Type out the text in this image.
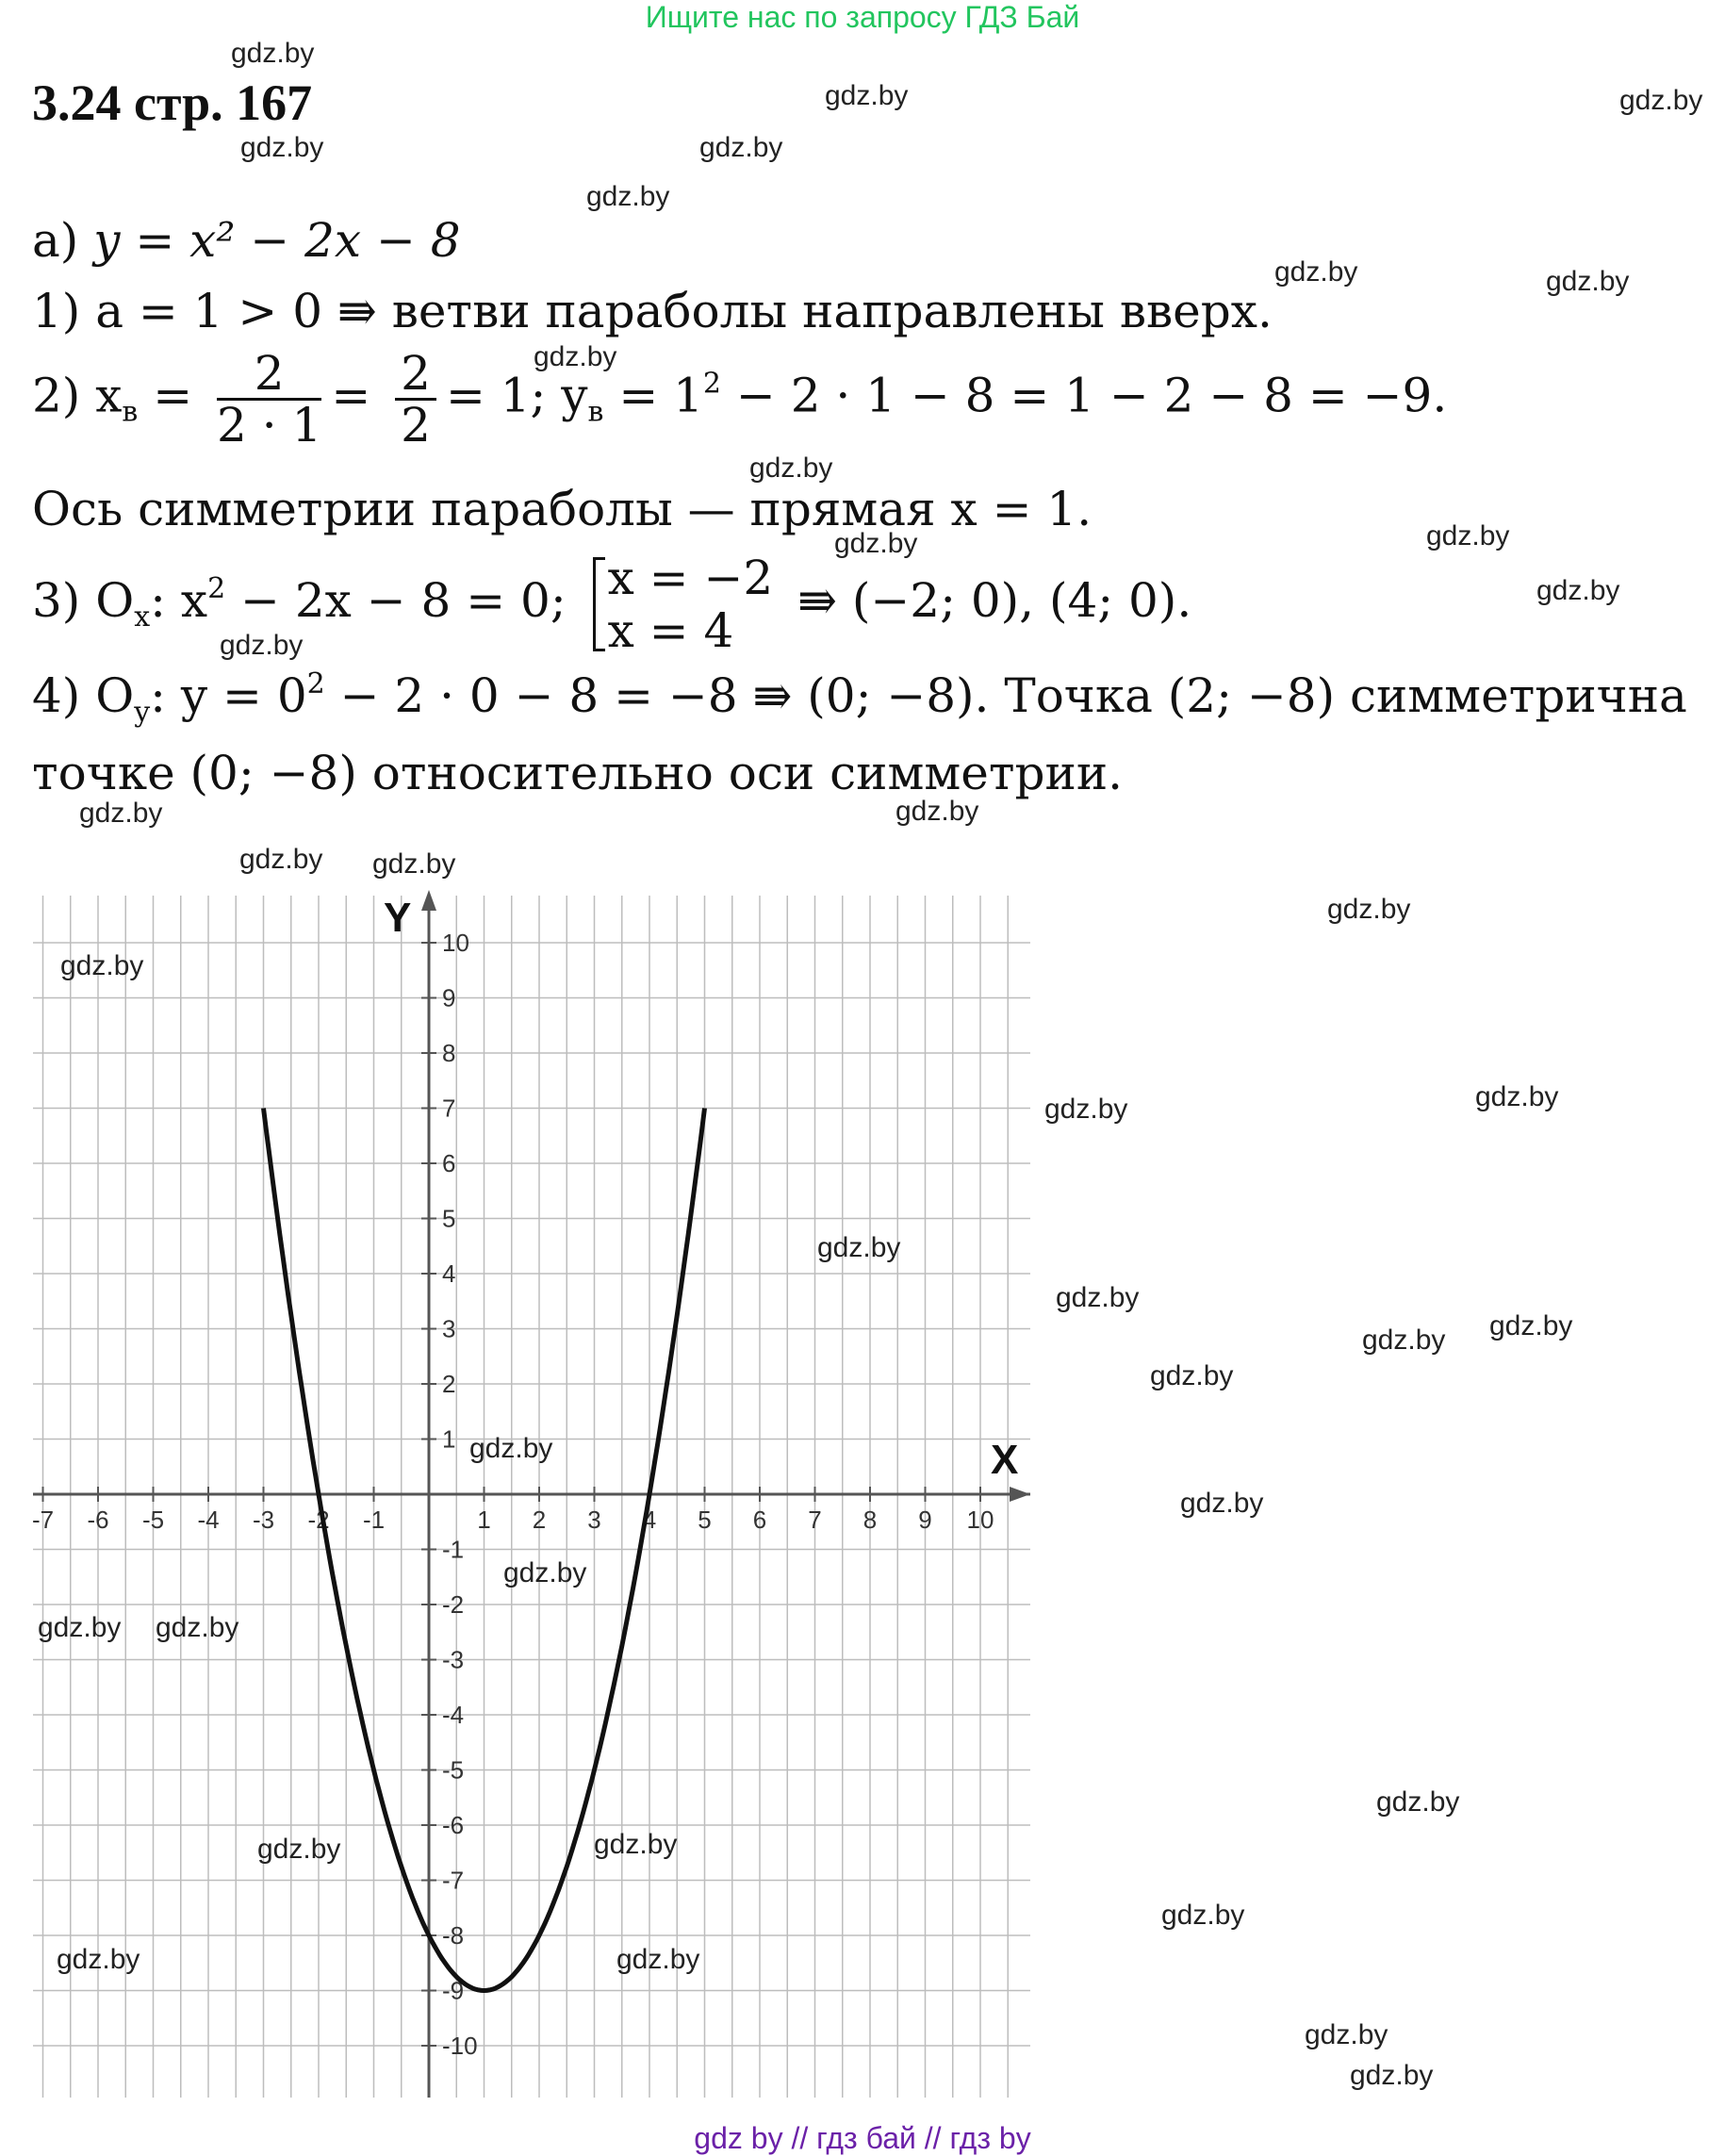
Ищите нас по запросу ГДЗ Бай
3.24 стр. 167
а) y = x² − 2x − 8
1) a = 1 > 0 ⇛ ветви параболы направлены вверх.
2) $x_в = \frac{2}{2 \cdot 1} = \frac{2}{2} = 1$; $y_в = 1^2 - 2 \cdot 1 - 8 = 1 - 2 - 8 = -9$.
Ось симметрии параболы — прямая x = 1.
3) $O_x$: $x^2 - 2x - 8 = 0$; x = −2
x = 4
⇛ (−2; 0), (4; 0).
4) $O_y$: $y = 0^2 - 2 \cdot 0 - 8 = -8$ ⇛ (0; −8). Точка (2; −8) симметрична
точке (0; −8) относительно оси симметрии.
X
Y
-7 -6 -5 -4 -3 -2 -1	1 2 3 4 5 6 7 8 9 10
10
9
8
7
6
5
4
3
2
1
-1
-2
-3
-4
-5
-6
-7
-8
-9
-10
gdz.by
gdz.by	gdz.by
gdz.by	gdz.by
gdz.by
gdz.by	gdz.by
gdz.by
gdz.by
gdz.by	gdz.by
gdz.by
gdz.by
gdz.by	gdz.by
gdz.by gdz.by
gdz.by
gdz.by
gdz.by	gdz.by
gdz.by
gdz.by
gdz.by gdz.by
gdz.by
gdz.by
gdz.by
gdz.by
gdz.by gdz.by
gdz.by
gdz.by	gdz.by
gdz.by
gdz.by	gdz.by
gdz.by
gdz.by
gdz by // гдз бай // гдз by
